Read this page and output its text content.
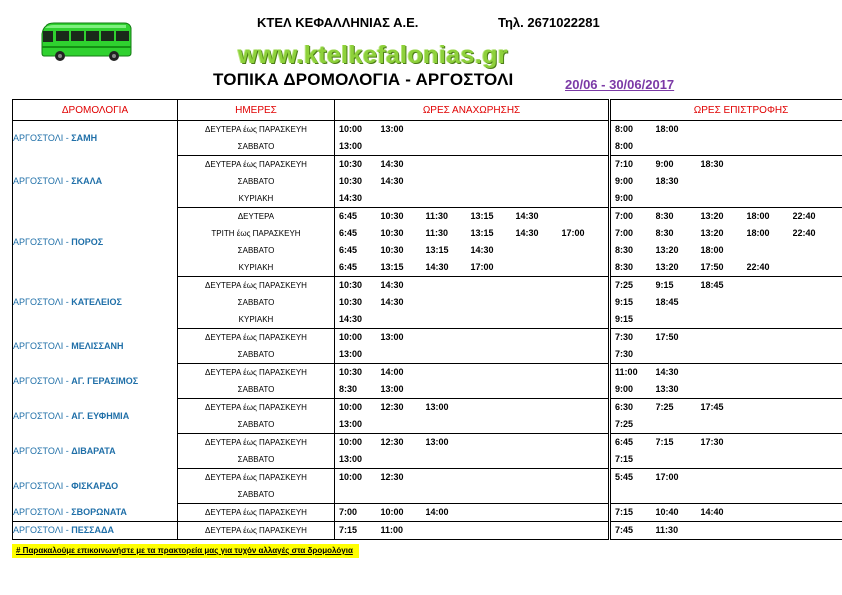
ΚΤΕΛ ΚΕΦΑΛΛΗΝΙΑΣ Α.Ε.	Τηλ. 2671022281
www.ktelkefalonias.gr
ΤΟΠΙΚΑ ΔΡΟΜΟΛΟΓΙΑ - ΑΡΓΟΣΤΟΛΙ	20/06 - 30/06/2017
ΔΡΟΜΟΛΟΓΙΑ	ΗΜΕΡΕΣ	ΩΡΕΣ ΑΝΑΧΩΡΗΣΗΣ						ΩΡΕΣ ΕΠΙΣΤΡΟΦΗΣ				
ΑΡΓΟΣΤΟΛΙ - ΣΑΜΗ	ΔΕΥΤΕΡΑ έως ΠΑΡΑΣΚΕΥΗ	10:00	13:00					8:00	18:00			
	ΣΑΒΒΑΤΟ	13:00						8:00				
ΑΡΓΟΣΤΟΛΙ - ΣΚΑΛΑ	ΔΕΥΤΕΡΑ έως ΠΑΡΑΣΚΕΥΗ	10:30	14:30					7:10	9:00	18:30		
	ΣΑΒΒΑΤΟ	10:30	14:30					9:00	18:30			
	ΚΥΡΙΑΚΗ	14:30						9:00				
ΑΡΓΟΣΤΟΛΙ - ΠΟΡΟΣ	ΔΕΥΤΕΡΑ	6:45	10:30	11:30	13:15	14:30		7:00	8:30	13:20	18:00	22:40
	ΤΡΙΤΗ έως ΠΑΡΑΣΚΕΥΗ	6:45	10:30	11:30	13:15	14:30	17:00	7:00	8:30	13:20	18:00	22:40
	ΣΑΒΒΑΤΟ	6:45	10:30	13:15	14:30			8:30	13:20	18:00		
	ΚΥΡΙΑΚΗ	6:45	13:15	14:30	17:00			8:30	13:20	17:50	22:40	
ΑΡΓΟΣΤΟΛΙ - ΚΑΤΕΛΕΙΟΣ	ΔΕΥΤΕΡΑ έως ΠΑΡΑΣΚΕΥΗ	10:30	14:30					7:25	9:15	18:45		
	ΣΑΒΒΑΤΟ	10:30	14:30					9:15	18:45			
	ΚΥΡΙΑΚΗ	14:30						9:15				
ΑΡΓΟΣΤΟΛΙ - ΜΕΛΙΣΣΑΝΗ	ΔΕΥΤΕΡΑ έως ΠΑΡΑΣΚΕΥΗ	10:00	13:00					7:30	17:50			
	ΣΑΒΒΑΤΟ	13:00						7:30				
ΑΡΓΟΣΤΟΛΙ - ΑΓ. ΓΕΡΑΣΙΜΟΣ	ΔΕΥΤΕΡΑ έως ΠΑΡΑΣΚΕΥΗ	10:30	14:00					11:00	14:30			
	ΣΑΒΒΑΤΟ	8:30	13:00					9:00	13:30			
ΑΡΓΟΣΤΟΛΙ - ΑΓ. ΕΥΦΗΜΙΑ	ΔΕΥΤΕΡΑ έως ΠΑΡΑΣΚΕΥΗ	10:00	12:30	13:00				6:30	7:25	17:45		
	ΣΑΒΒΑΤΟ	13:00						7:25				
ΑΡΓΟΣΤΟΛΙ - ΔΙΒΑΡΑΤΑ	ΔΕΥΤΕΡΑ έως ΠΑΡΑΣΚΕΥΗ	10:00	12:30	13:00				6:45	7:15	17:30		
	ΣΑΒΒΑΤΟ	13:00						7:15				
ΑΡΓΟΣΤΟΛΙ - ΦΙΣΚΑΡΔΟ	ΔΕΥΤΕΡΑ έως ΠΑΡΑΣΚΕΥΗ	10:00	12:30					5:45	17:00			
	ΣΑΒΒΑΤΟ											
ΑΡΓΟΣΤΟΛΙ - ΣΒΟΡΩΝΑΤΑ	ΔΕΥΤΕΡΑ έως ΠΑΡΑΣΚΕΥΗ	7:00	10:00	14:00				7:15	10:40	14:40		
ΑΡΓΟΣΤΟΛΙ - ΠΕΣΣΑΔΑ	ΔΕΥΤΕΡΑ έως ΠΑΡΑΣΚΕΥΗ	7:15	11:00					7:45	11:30			
# Παρακαλούμε επικοινωνήστε με τα πρακτορεία μας για τυχόν αλλαγές στα δρομολόγια
